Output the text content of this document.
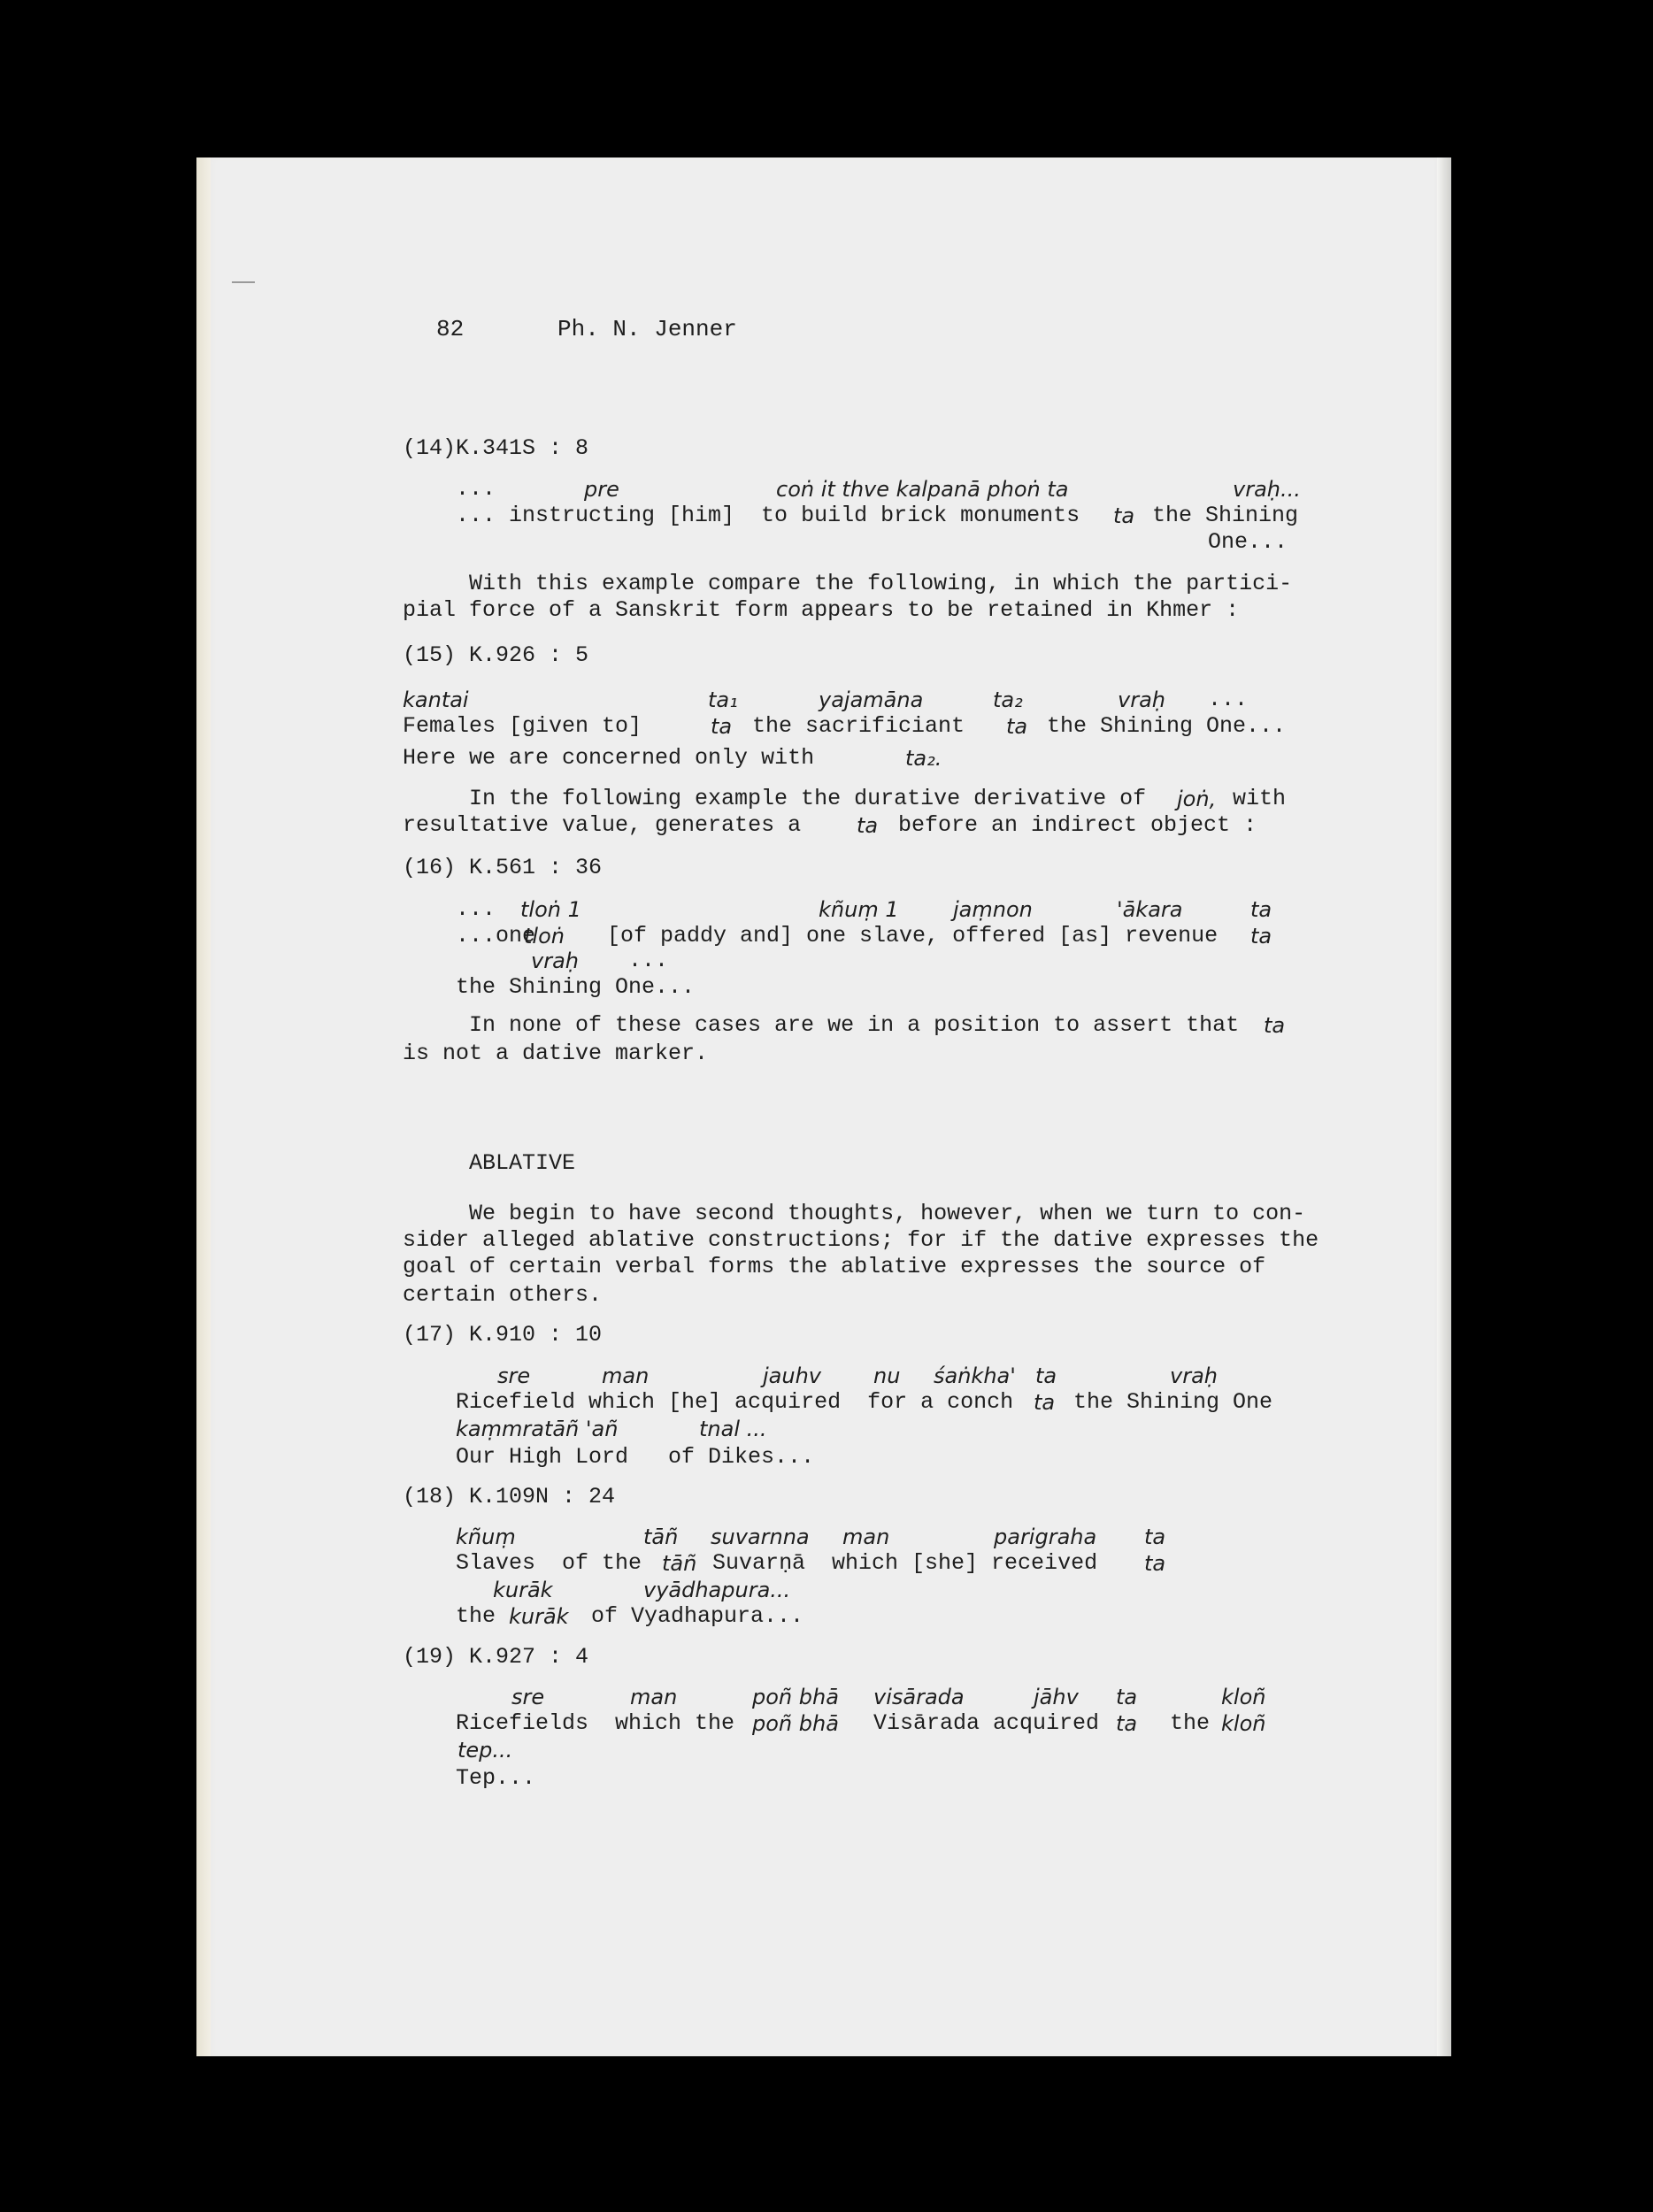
82	Ph. N. Jenner
(14)K.341S : 8
...	pre	coṅ it thve kalpanā phoṅ ta	vraḥ...
... instructing [him]  to build brick monuments ta the Shining
One...
With this example compare the following, in which the partici-
pial force of a Sanskrit form appears to be retained in Khmer :
(15) K.926 : 5
kantai	ta₁	yajamāna	ta₂	vraḥ ...
Females [given to]	ta the sacrificiant ta the Shining One...
Here we are concerned only with	ta₂.
In the following example the durative derivative of joṅ, with
resultative value, generates a	ta before an indirect object :
(16) K.561 : 36
... tloṅ 1	kñuṃ 1	jaṃnon	'ākara	ta
...one
tloṅ [of paddy and] one slave, offered [as] revenue ta
vraḥ ...
the Shining One...
In none of these cases are we in a position to assert that ta
is not a dative marker.
ABLATIVE
We begin to have second thoughts, however, when we turn to con-
sider alleged ablative constructions; for if the dative expresses the
goal of certain verbal forms the ablative expresses the source of
certain others.
(17) K.910 : 10
sre	man	jauhv nu śaṅkha' ta	vraḥ
Ricefield which [he] acquired  for a conch ta the Shining One
kaṃmratāñ 'añ	tnal ...
Our High Lord   of Dikes...
(18) K.109N : 24
kñuṃ	tāñ suvarnna man	parigraha ta
Slaves  of the tāñ Suvarṇā  which [she] received ta
kurāk	vyādhapura...
the kurāk of Vyadhapura...
(19) K.927 : 4
sre	man	poñ bhā visārada	jāhv ta	kloñ
Ricefields  which the poñ bhā Visārada acquired ta the kloñ
tep...
Tep...
